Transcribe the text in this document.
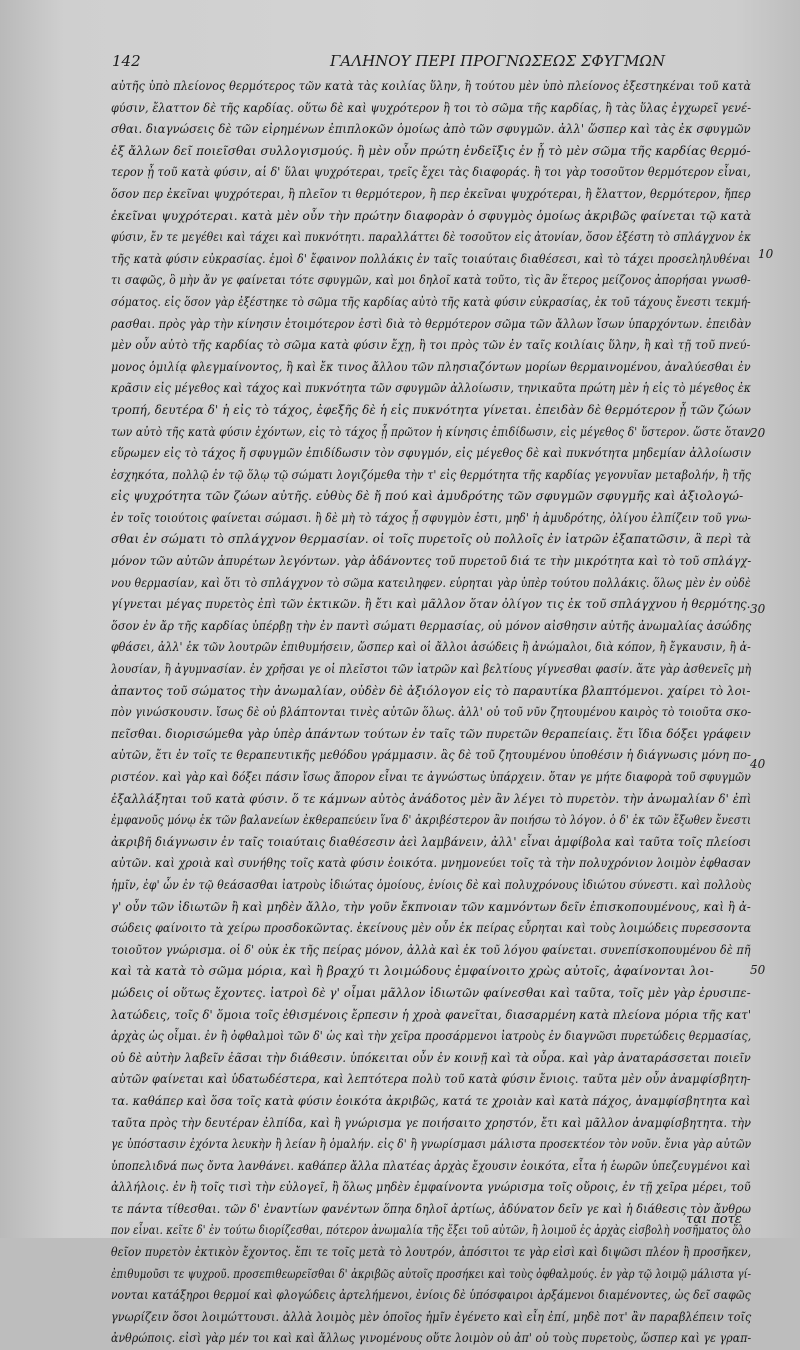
142	ΓΑΛΗΝΟΥ ΠΕΡΙ ΠΡΟΓΝΩΣΕΩΣ ΣΦΥΓΜΩΝ
αὐτῆς ὑπὸ πλείονος θερμότερος τῶν κατὰ τὰς κοιλίας ὕλην, ἢ τούτου μὲν ὑπὸ πλείονος ἐξεστηκέναι τοῦ κατὰ
φύσιν, ἔλαττον δὲ τῆς καρδίας. οὕτω δὲ καὶ ψυχρότερον ἢ τοι τὸ σῶμα τῆς καρδίας, ἢ τὰς ὕλας ἐγχωρεῖ γενέ-
σθαι. διαγνώσεις δὲ τῶν εἰρημένων ἐπιπλοκῶν ὁμοίως ἀπὸ τῶν σφυγμῶν. ἀλλ' ὥσπερ καὶ τὰς ἐκ σφυγμῶν
ἐξ ἄλλων δεῖ ποιεῖσθαι συλλογισμούς. ἢ μὲν οὖν πρώτη ἐνδεῖξις ἐν ᾗ τὸ μὲν σῶμα τῆς καρδίας θερμό-
τερον ᾖ τοῦ κατὰ φύσιν, αἱ δ' ὕλαι ψυχρότεραι, τρεῖς ἔχει τὰς διαφοράς. ἢ τοι γὰρ τοσοῦτον θερμότερον εἶναι,
ὅσον περ ἐκεῖναι ψυχρότεραι, ἢ πλεῖον τι θερμότερον, ἢ περ ἐκεῖναι ψυχρότεραι, ἢ ἔλαττον, θερμότερον, ἤπερ
ἐκεῖναι ψυχρότεραι. κατὰ μὲν οὖν τὴν πρώτην διαφορὰν ὁ σφυγμὸς ὁμοίως ἀκριβῶς φαίνεται τῷ κατὰ
φύσιν, ἔν τε μεγέθει καὶ τάχει καὶ πυκνότητι. παραλλάττει δὲ τοσοῦτον εἰς ἀτονίαν, ὅσον ἐξέστη τὸ σπλάγχνον ἐκ
τῆς κατὰ φύσιν εὐκρασίας. ἐμοὶ δ' ἔφαινον πολλάκις ἐν ταῖς τοιαύταις διαθέσεσι, καὶ τὸ τάχει προσεληλυθέναι
τι σαφῶς, ὃ μὴν ἄν γε φαίνεται τότε σφυγμῶν, καὶ μοι δηλοῖ κατὰ τοῦτο, τὶς ἂν ἕτερος μείζονος ἀπορήσαι γνωσθ-
σόματος. εἰς ὅσον γὰρ ἐξέστηκε τὸ σῶμα τῆς καρδίας αὐτὸ τῆς κατὰ φύσιν εὐκρασίας, ἐκ τοῦ τάχους ἔνεστι τεκμή-
ρασθαι. πρὸς γὰρ τὴν κίνησιν ἑτοιμότερον ἐστὶ διὰ τὸ θερμότερον σῶμα τῶν ἄλλων ἴσων ὑπαρχόντων. ἐπειδὰν
μὲν οὖν αὐτὸ τῆς καρδίας τὸ σῶμα κατὰ φύσιν ἔχῃ, ἢ τοι πρὸς τῶν ἐν ταῖς κοιλίαις ὕλην, ἢ καὶ τῇ τοῦ πνεύ-
μονος ὁμιλίᾳ φλεγμαίνοντος, ἢ καὶ ἔκ τινος ἄλλου τῶν πλησιαζόντων μορίων θερμαινομένου, ἀναλύεσθαι ἐν
κρᾶσιν εἰς μέγεθος καὶ τάχος καὶ πυκνότητα τῶν σφυγμῶν ἀλλοίωσιν, τηνικαῦτα πρώτη μὲν ἡ εἰς τὸ μέγεθος ἐκ
τροπή, δευτέρα δ' ἡ εἰς τὸ τάχος, ἐφεξῆς δὲ ἡ εἰς πυκνότητα γίνεται. ἐπειδὰν δὲ θερμότερον ᾖ τῶν ζώων
των αὐτὸ τῆς κατὰ φύσιν ἐχόντων, εἰς τὸ τάχος ᾖ πρῶτον ἡ κίνησις ἐπιδίδωσιν, εἰς μέγεθος δ' ὕστερον. ὥστε ὅταν
εὕρωμεν εἰς τὸ τάχος ἤ σφυγμῶν ἐπιδίδωσιν τὸν σφυγμόν, εἰς μέγεθος δὲ καὶ πυκνότητα μηδεμίαν ἀλλοίωσιν
ἐσχηκότα, πολλῷ ἐν τῷ ὅλῳ τῷ σώματι λογιζόμεθα τὴν τ' εἰς θερμότητα τῆς καρδίας γεγονυῖαν μεταβολήν, ἢ τῆς
εἰς ψυχρότητα τῶν ζώων αὐτῆς. εὐθὺς δὲ ἤ πού καὶ ἀμυδρότης τῶν σφυγμῶν σφυγμῆς καὶ ἀξιολογώ-
ἐν τοῖς τοιούτοις φαίνεται σώμασι. ἢ δὲ μὴ τὸ τάχος ᾖ σφυγμὸν ἐστι, μηδ' ἡ ἀμυδρότης, ὀλίγου ἐλπίζειν τοῦ γνω-
σθαι ἐν σώματι τὸ σπλάγχνον θερμασίαν. οἱ τοῖς πυρετοῖς οὐ πολλοῖς ἐν ἰατρῶν ἐξαπατῶσιν, ἃ περὶ τὰ
μόνον τῶν αὐτῶν ἀπυρέτων λεγόντων. γὰρ ἀδάνοντες τοῦ πυρετοῦ διά τε τὴν μικρότητα καὶ τὸ τοῦ σπλάγχ-
νου θερμασίαν, καὶ ὅτι τὸ σπλάγχνον τὸ σῶμα κατειληφεν. εὑρηται γὰρ ὑπὲρ τούτου πολλάκις. ὅλως μὲν ἐν οὐδὲ
γίγνεται μέγας πυρετὸς ἐπὶ τῶν ἐκτικῶν. ἢ ἔτι καὶ μᾶλλον ὅταν ὀλίγον τις ἐκ τοῦ σπλάγχνου ἡ θερμότης.
ὅσον ἐν ἄρ τῆς καρδίας ὑπέρβῃ τὴν ἐν παντὶ σώματι θερμασίας, οὐ μόνον αἰσθησιν αὐτῆς ἀνωμαλίας ἀσώδης
φθάσει, ἀλλ' ἐκ τῶν λουτρῶν ἐπιθυμήσειν, ὥσπερ καὶ οἱ ἄλλοι ἀσώδεις ἢ ἀνώμαλοι, διὰ κόπον, ἢ ἔγκαυσιν, ἢ ἀ-
λουσίαν, ἢ ἀγυμνασίαν. ἐν χρῆσαι γε οἱ πλεῖστοι τῶν ἰατρῶν καὶ βελτίους γίγνεσθαι φασίν. ἅτε γὰρ ἀσθενεῖς μὴ
ἀπαντος τοῦ σώματος τὴν ἀνωμαλίαν, οὐδὲν δὲ ἀξιόλογον εἰς τὸ παραυτίκα βλαπτόμενοι. χαίρει τὸ λοι-
πὸν γινώσκουσιν. ἴσως δὲ οὐ βλάπτονται τινὲς αὐτῶν ὅλως. ἀλλ' οὐ τοῦ νῦν ζητουμένου καιρὸς τὸ τοιοῦτα σκο-
πεῖσθαι. διορισώμεθα γὰρ ὑπὲρ ἁπάντων τούτων ἐν ταῖς τῶν πυρετῶν θεραπείαις. ἔτι ἴδια δόξει γράφειν
αὐτῶν, ἔτι ἐν τοῖς τε θεραπευτικῆς μεθόδου γράμμασιν. ἃς δὲ τοῦ ζητουμένου ὑποθέσιν ἡ διάγνωσις μόνη πο-
ριστέον. καὶ γὰρ καὶ δόξει πάσιν ἴσως ἄπορον εἶναι τε ἀγνώστως ὑπάρχειν. ὅταν γε μήτε διαφορὰ τοῦ σφυγμῶν
ἐξαλλάξηται τοῦ κατὰ φύσιν. ὅ τε κάμνων αὐτὸς ἀνάδοτος μὲν ἂν λέγει τὸ πυρετὸν. τὴν ἀνωμαλίαν δ' ἐπὶ
ἐμφανοῦς μόνῳ ἐκ τῶν βαλανείων ἐκθεραπεύειν ἵνα δ' ἀκριβέστερον ἂν ποιήσω τὸ λόγον. ὁ δ' ἐκ τῶν ἔξωθεν ἔνεστι
ἀκριβῆ διάγνωσιν ἐν ταῖς τοιαύταις διαθέσεσιν ἀεὶ λαμβάνειν, ἀλλ' εἶναι ἀμφίβολα καὶ ταῦτα τοῖς πλείοσι
αὐτῶν. καὶ χροιὰ καὶ συνήθης τοῖς κατὰ φύσιν ἐοικότα. μνημονεύει τοῖς τὰ τὴν πολυχρόνιον λοιμὸν ἐφθασαν
ἡμῖν, ἐφ' ὧν ἐν τῷ θεάσασθαι ἰατροὺς ἰδιώτας ὁμοίους, ἐνίοις δὲ καὶ πολυχρόνους ἰδιώτου σύνεστι. καὶ πολλοὺς
γ' οὖν τῶν ἰδιωτῶν ἢ καὶ μηδὲν ἄλλο, τὴν γοῦν ἔκπνοιαν τῶν καμνόντων δεῖν ἐπισκοπουμένους, καὶ ἢ ἀ-
σώδεις φαίνοιτο τὰ χείρω προσδοκῶντας. ἐκείνους μὲν οὖν ἐκ πείρας εὗρηται καὶ τοὺς λοιμώδεις πυρεσσοντα
τοιοῦτον γνώρισμα. οἱ δ' οὐκ ἐκ τῆς πείρας μόνον, ἀλλὰ καὶ ἐκ τοῦ λόγου φαίνεται. συνεπίσκοπουμένου δὲ πῆ
καὶ τὰ κατὰ τὸ σῶμα μόρια, καὶ ἢ βραχύ τι λοιμώδους ἐμφαίνοιτο χρὼς αὐτοῖς, ἀφαίνονται λοι-
μώδεις οἱ οὕτως ἔχοντες. ἰατροὶ δὲ γ' οἶμαι μᾶλλον ἰδιωτῶν φαίνεσθαι καὶ ταῦτα, τοῖς μὲν γὰρ ἐρυσιπε-
λατώδεις, τοῖς δ' ὅμοια τοῖς ἐθισμένοις ἔρπεσιν ἡ χροὰ φανεῖται, διασαρμένη κατὰ πλείονα μόρια τῆς κατ'
ἀρχὰς ὡς οἶμαι. ἐν ἢ ὀφθαλμοὶ τῶν δ' ὡς καὶ τὴν χεῖρα προσάρμενοι ἰατροὺς ἐν διαγνῶσι πυρετώδεις θερμασίας,
οὐ δὲ αὐτὴν λαβεῖν ἐᾶσαι τὴν διάθεσιν. ὑπόκειται οὖν ἐν κοινῇ καὶ τὰ οὖρα. καὶ γὰρ ἀναταράσσεται ποιεῖν
αὐτῶν φαίνεται καὶ ὑδατωδέστερα, καὶ λεπτότερα πολὺ τοῦ κατὰ φύσιν ἔνιοις. ταῦτα μὲν οὖν ἀναμφίσβητη-
τα. καθάπερ καὶ ὅσα τοῖς κατὰ φύσιν ἐοικότα ἀκριβῶς, κατά τε χροιὰν καὶ κατὰ πάχος, ἀναμφίσβητητα καὶ
ταῦτα πρὸς τὴν δευτέραν ἐλπίδα, καὶ ἢ γνώρισμα γε ποιήσαιτο χρηστόν, ἔτι καὶ μᾶλλον ἀναμφίσβητητα. τὴν
γε ὑπόστασιν ἐχόντα λευκὴν ἢ λείαν ἢ ὁμαλήν. εἰς δ' ἢ γνωρίσμασι μάλιστα προσεκτέον τὸν νοῦν. ἔνια γὰρ αὐτῶν
ὑποπελιδνά πως ὄντα λανθάνει. καθάπερ ἄλλα πλατέας ἀρχὰς ἔχουσιν ἐοικότα, εἶτα ἡ ἑωρῶν ὑπεζευγμένοι καὶ
ἀλλήλοις. ἐν ἢ τοῖς τισὶ τὴν εὐλογεῖ, ἢ ὅλως μηδὲν ἐμφαίνοντα γνώρισμα τοῖς οὔροις, ἐν τῇ χεῖρα μέρει, τοῦ
τε πάντα τίθεσθαι. τῶν δ' ἐναντίων φανέντων ὅπηα δηλοῖ ἀρτίως, ἀδύνατον δεῖν γε καὶ ἡ διάθεσις τὸν ἄνθρω
πον εἶναι. κεῖτε δ' ἐν τούτω διορίζεσθαι, πότερον ἀνωμαλία τῆς ἕξει τοῦ αὐτῶν, ἢ λοιμοῦ ἐς ἀρχὰς εἰσβολὴ νοσῆματος ὅλο
θεῖον πυρετὸν ἐκτικὸν ἔχοντος. ἔπι τε τοῖς μετὰ τὸ λουτρόν, ἀπόσιτοι τε γὰρ εἰσὶ καὶ διψῶσι πλέον ἢ προσῆκεν,
ἐπιθυμοῦσι τε ψυχροῦ. προσεπιθεωρεῖσθαι δ' ἀκριβῶς αὐτοῖς προσήκει καὶ τοὺς ὀφθαλμούς. ἐν γὰρ τῷ λοιμῷ μάλιστα γί-
νονται κατάξηροι θερμοί καὶ φλογώδεις ἀρτελήμενοι, ἐνίοις δὲ ὑπόσφαιροι ἀρξάμενοι διαμένοντες, ὡς δεῖ σαφῶς
γνωρίζειν ὅσοι λοιμώττουσι. ἀλλὰ λοιμὸς μὲν ὁποῖος ἡμῖν ἐγένετο καὶ εἶη ἐπί, μηδὲ ποτ' ἂν παραβλέπειν τοῖς
ἀνθρώποις. εἰσὶ γὰρ μέν τοι καὶ καὶ ἄλλως γινομένους οὕτε λοιμὸν οὐ ἀπ' οὐ τοὺς πυρετοὺς, ὥσπερ καὶ γε γραπ-
10
20
30
40
50
ται ποτε
